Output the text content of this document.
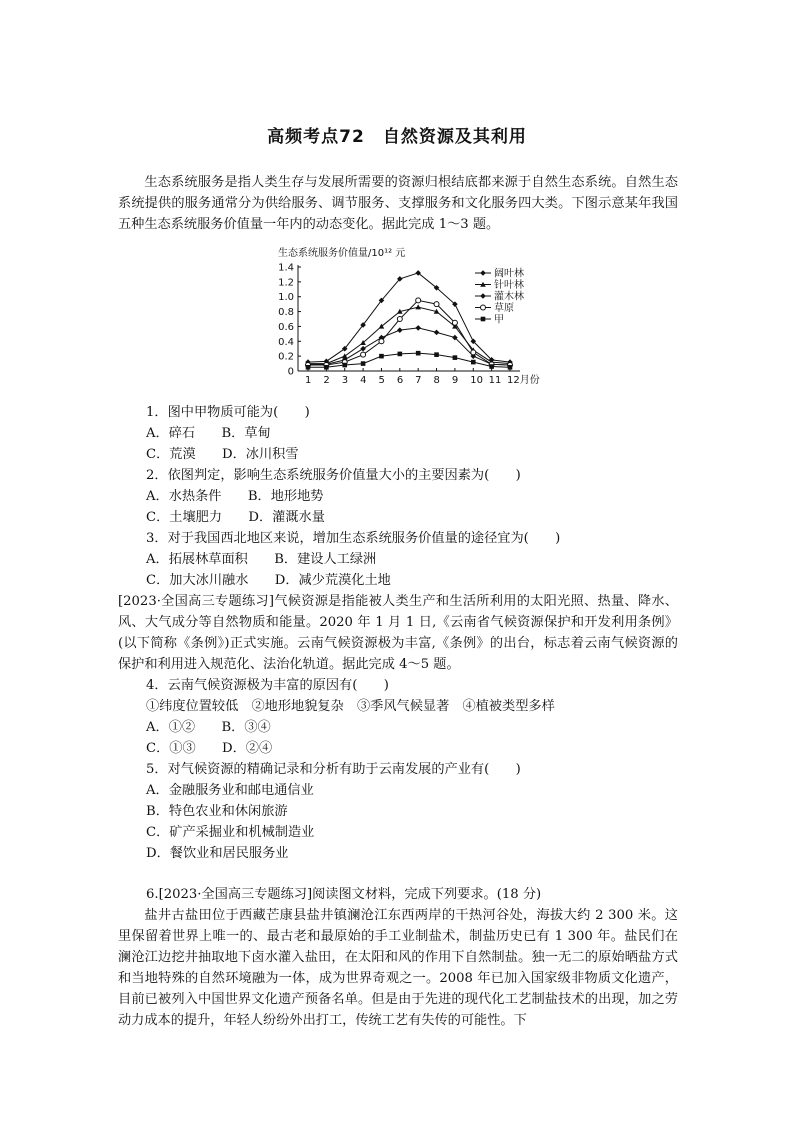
高频考点72　自然资源及其利用
生态系统服务是指人类生存与发展所需要的资源归根结底都来源于自然生态系统。自然生态系统提供的服务通常分为供给服务、调节服务、支撑服务和文化服务四大类。下图示意某年我国五种生态系统服务价值量一年内的动态变化。据此完成 1～3 题。
生态系统服务价值量/10¹² 元
0
0.2
0.4
0.6
0.8
1.0
1.2
1.4
1 2 3 4 5 6 7 8 9 10 11 12月份
阔叶林
针叶林
灌木林
草原
甲
1．图中甲物质可能为(　　)
A．碎石　　B．草甸
C．荒漠　　D．冰川积雪
2．依图判定，影响生态系统服务价值量大小的主要因素为(　　)
A．水热条件　　B．地形地势
C．土壤肥力　　D．灌溉水量
3．对于我国西北地区来说，增加生态系统服务价值量的途径宜为(　　)
A．拓展林草面积　　B．建设人工绿洲
C．加大冰川融水　　D．减少荒漠化土地
[2023·全国高三专题练习]气候资源是指能被人类生产和生活所利用的太阳光照、热量、降水、风、大气成分等自然物质和能量。2020 年 1 月 1 日,《云南省气候资源保护和开发利用条例》(以下简称《条例》)正式实施。云南气候资源极为丰富,《条例》的出台，标志着云南气候资源的保护和利用进入规范化、法治化轨道。据此完成 4～5 题。
4．云南气候资源极为丰富的原因有(　　)
①纬度位置较低　②地形地貌复杂　③季风气候显著　④植被类型多样
A．①②　　B．③④
C．①③　　D．②④
5．对气候资源的精确记录和分析有助于云南发展的产业有(　　)
A．金融服务业和邮电通信业
B．特色农业和休闲旅游
C．矿产采掘业和机械制造业
D．餐饮业和居民服务业
6.[2023·全国高三专题练习]阅读图文材料，完成下列要求。(18 分)
盐井古盐田位于西藏芒康县盐井镇澜沧江东西两岸的干热河谷处，海拔大约 2 300 米。这里保留着世界上唯一的、最古老和最原始的手工业制盐术，制盐历史已有 1 300 年。盐民们在澜沧江边挖井抽取地下卤水灌入盐田，在太阳和风的作用下自然制盐。独一无二的原始晒盐方式和当地特殊的自然环境融为一体，成为世界奇观之一。2008 年已加入国家级非物质文化遗产，目前已被列入中国世界文化遗产预备名单。但是由于先进的现代化工艺制盐技术的出现，加之劳动力成本的提升，年轻人纷纷外出打工，传统工艺有失传的可能性。下
